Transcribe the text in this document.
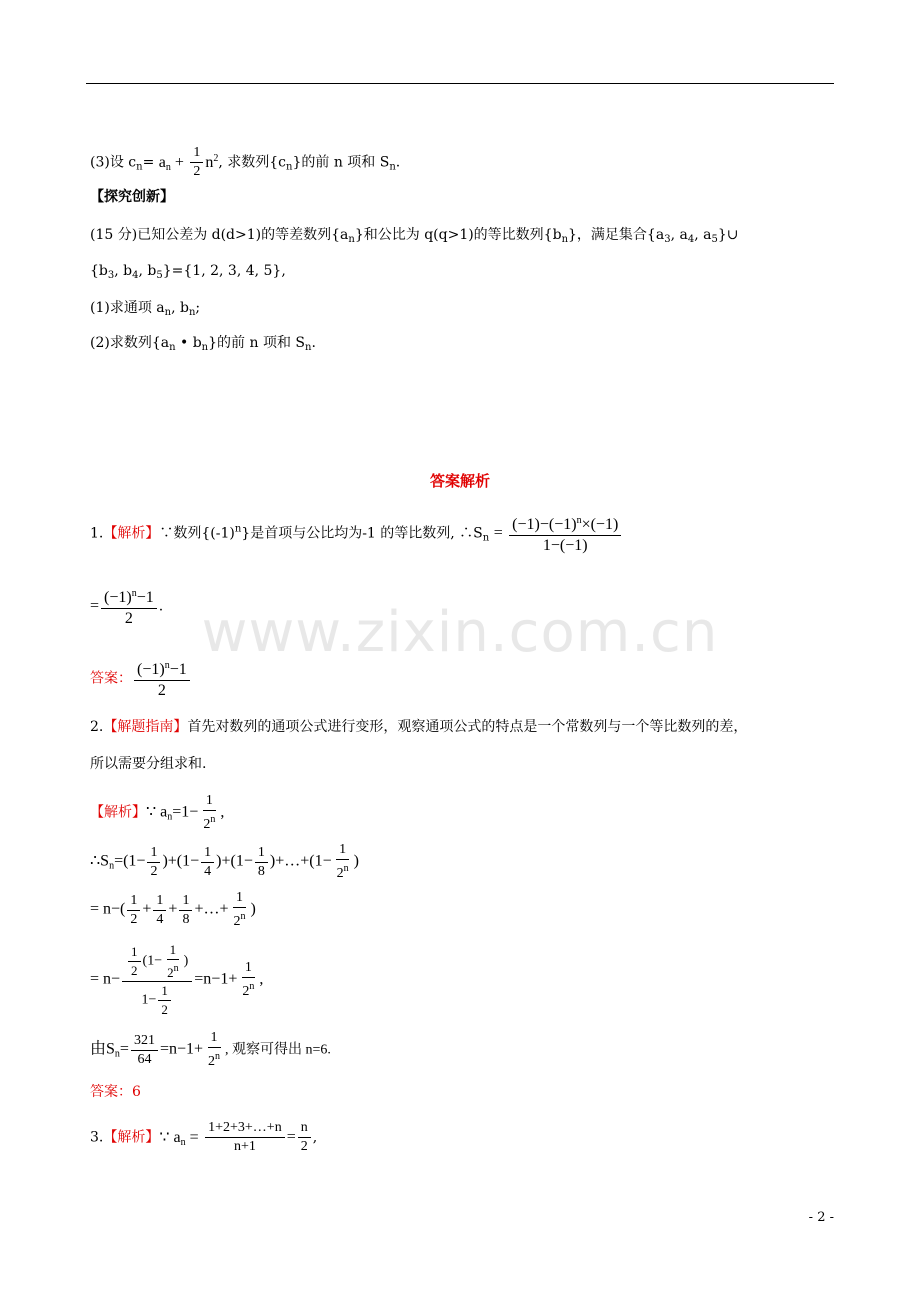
(3)设 $c_n= a_n + \frac{1}{2} n^2$, 求数列$\{c_n\}$的前 n 项和 $S_n$.
【探究创新】
(15 分)已知公差为 d(d>1)的等差数列$\{a_n\}$和公比为 q(q>1)的等比数列$\{b_n\}$，满足集合{$a_3$, $a_4$, $a_5\}\cup$
{$b_3$, $b_4$, $b_5\}=\{1$, 2, 3, 4, 5},
(1)求通项 $a_n$, $b_n$;
(2)求数列{$a_n$ • $b_n$}的前 n 项和 $S_n$.
答案解析
1.【解析】∵数列$\{(-1)^n\}$是首项与公比均为-1 的等比数列, $\therefore S_n = \frac{(-1)-(-1)^n\times(-1)}{1-(-1)}$
= $\frac{(-1)^n-1}{2}$ .
答案： $\frac{(-1)^n-1}{2}$
2.【解题指南】首先对数列的通项公式进行变形，观察通项公式的特点是一个常数列与一个等比数列的差，
所以需要分组求和.
【解析】∵ $a_n=1- \frac{1}{2^n}$ ,
$\therefore S_n=(1- \frac{1}{2} )+(1- \frac{1}{4} )+(1- \frac{1}{8}$ )+…+(1− $\frac{1}{2^n}$ )
= $n-( \frac{1}{2} + \frac{1}{4} + \frac{1}{8}$ +…+ $\frac{1}{2^n}$ )
= $n- \frac{\frac{1}{2} (1- \frac{1}{2^n} )}{1- \frac{1}{2}} =n-1+ \frac{1}{2^n}$ ,
由$S_n= \frac{321}{64} =n-1+ \frac{1}{2^n}$ , 观察可得出 n=6.
答案：6
3.【解析】∵ $a_n = \frac{1+2+3+\dots+n}{n+1} = \frac{n}{2}$ ,
www.zixin.com.cn
- 2 -
